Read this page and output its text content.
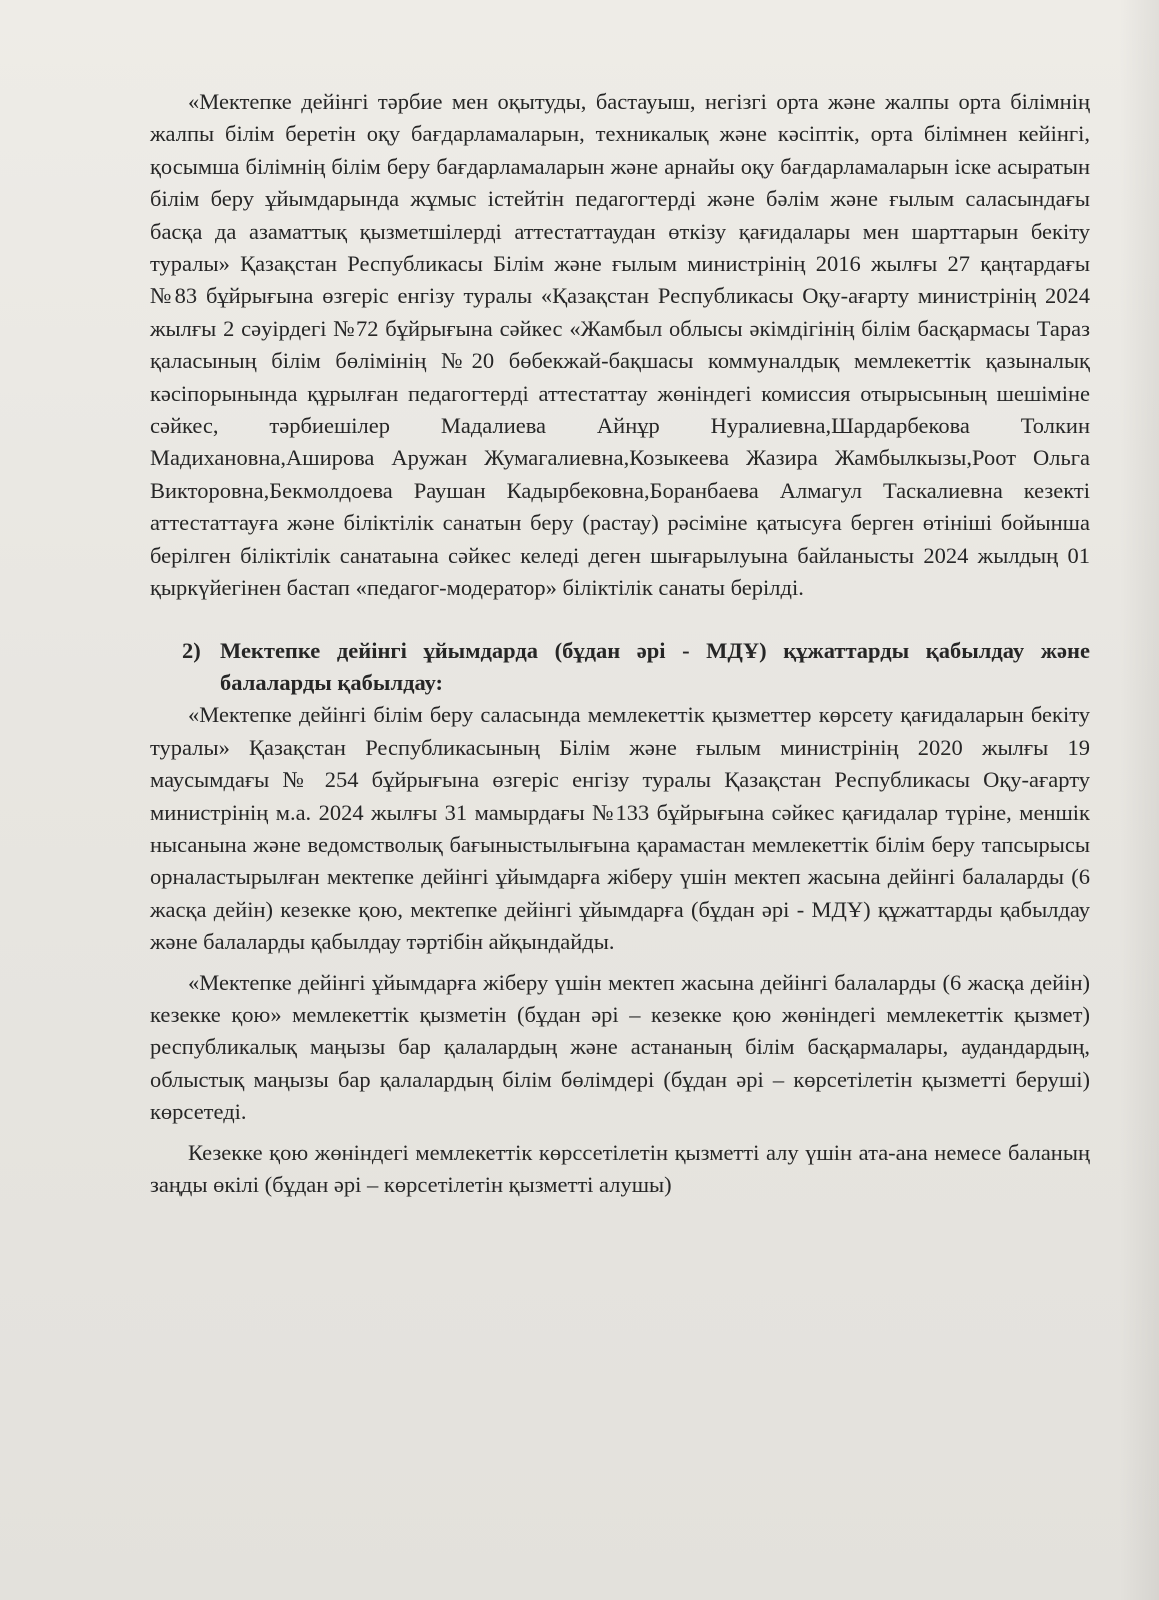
«Мектепке дейінгі тәрбие мен оқытуды, бастауыш, негізгі орта және жалпы орта білімнің жалпы білім беретін оқу бағдарламаларын, техникалық және кәсіптік, орта білімнен кейінгі, қосымша білімнің білім беру бағдарламаларын және арнайы оқу бағдарламаларын іске асыратын білім беру ұйымдарында жұмыс істейтін педагогтерді және бәлім және ғылым саласындағы басқа да азаматтық қызметшілерді аттестаттаудан өткізу қағидалары мен шарттарын бекіту туралы» Қазақстан Республикасы Білім және ғылым министрінің 2016 жылғы 27 қаңтардағы №83 бұйрығына өзгеріс енгізу туралы «Қазақстан Республикасы Оқу-ағарту министрінің 2024 жылғы 2 сәуірдегі №72 бұйрығына сәйкес «Жамбыл облысы әкімдігінің білім басқармасы Тараз қаласының білім бөлімінің №20 бөбекжай-бақшасы коммуналдық мемлекеттік қазыналық кәсіпорынында құрылған педагогтерді аттестаттау жөніндегі комиссия отырысының шешіміне сәйкес, тәрбиешілер Мадалиева Айнұр Нуралиевна,Шардарбекова Толкин Мадихановна,Аширова Аружан Жумагалиевна,Козыкеева Жазира Жамбылкызы,Роот Ольга Викторовна,Бекмолдоева Раушан Кадырбековна,Боранбаева Алмагул Таскалиевна кезекті аттестаттауға және біліктілік санатын беру (растау) рәсіміне қатысуға берген өтініші бойынша берілген біліктілік санатаына сәйкес келеді деген шығарылуына байланысты 2024 жылдың 01 қыркүйегінен бастап «педагог-модератор» біліктілік санаты берілді.

2) Мектепке дейінгі ұйымдарда (бұдан әрі - МДҰ) құжаттарды қабылдау және балаларды қабылдау:

«Мектепке дейінгі білім беру саласында мемлекеттік қызметтер көрсету қағидаларын бекіту туралы» Қазақстан Республикасының Білім және ғылым министрінің 2020 жылғы 19 маусымдағы № 254 бұйрығына өзгеріс енгізу туралы Қазақстан Республикасы Оқу-ағарту министрінің м.а. 2024 жылғы 31 мамырдағы №133 бұйрығына сәйкес қағидалар түріне, меншік нысанына және ведомстволық бағыныстылығына қарамастан мемлекеттік білім беру тапсырысы орналастырылған мектепке дейінгі ұйымдарға жіберу үшін мектеп жасына дейінгі балаларды (6 жасқа дейін) кезекке қою, мектепке дейінгі ұйымдарға (бұдан әрі - МДҰ) құжаттарды қабылдау және балаларды қабылдау тәртібін айқындайды.

«Мектепке дейінгі ұйымдарға жіберу үшін мектеп жасына дейінгі балаларды (6 жасқа дейін) кезекке қою» мемлекеттік қызметін (бұдан әрі – кезекке қою жөніндегі мемлекеттік қызмет) республикалық маңызы бар қалалардың және астананың білім басқармалары, аудандардың, облыстық маңызы бар қалалардың білім бөлімдері (бұдан әрі – көрсетілетін қызметті беруші) көрсетеді.

Кезекке қою жөніндегі мемлекеттік көрссетілетін қызметті алу үшін ата-ана немесе баланың заңды өкілі (бұдан әрі – көрсетілетін қызметті алушы)
